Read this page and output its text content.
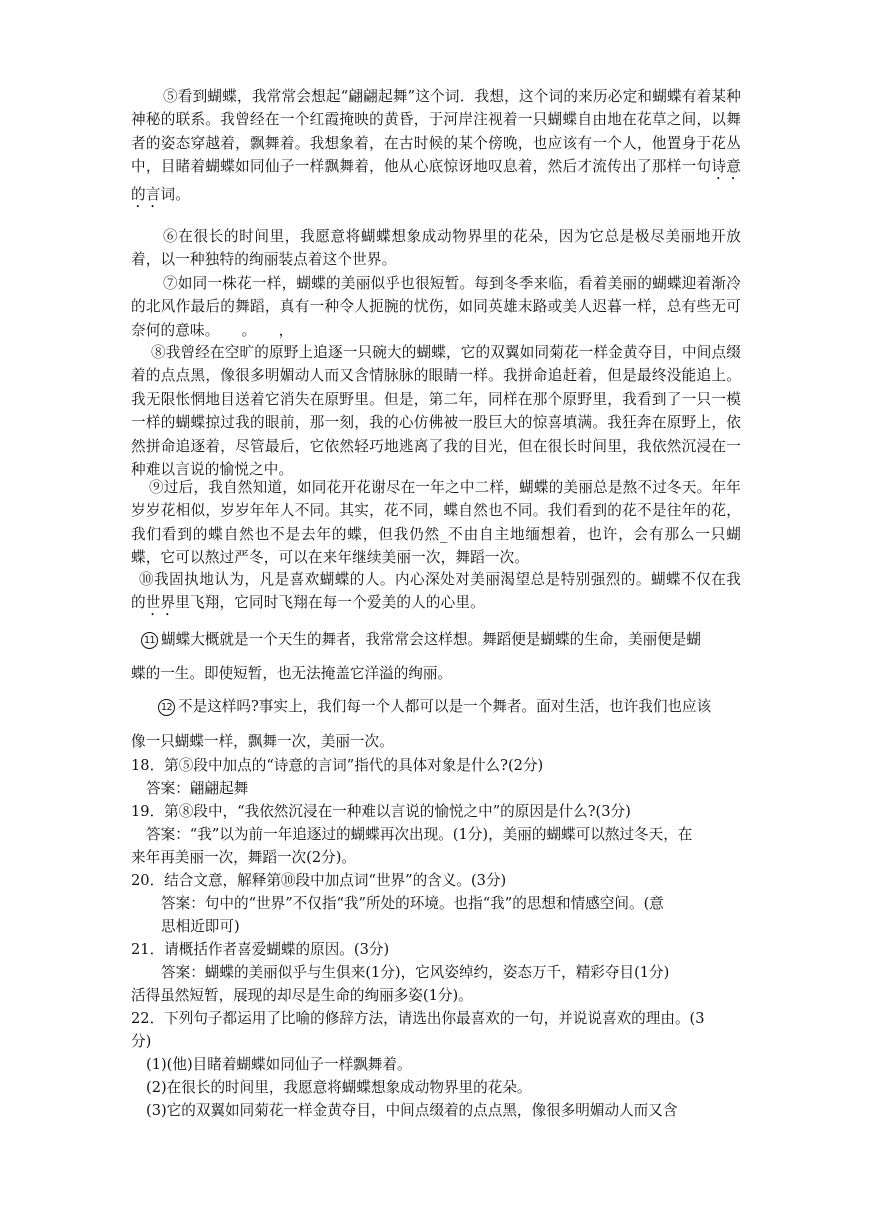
⑤看到蝴蝶，我常常会想起“翩翩起舞”这个词．我想，这个词的来历必定和蝴蝶有着某种神秘的联系。我曾经在一个红霞掩映的黄昏，于河岸注视着一只蝴蝶自由地在花草之间，以舞者的姿态穿越着，飘舞着。我想象着，在古时候的某个傍晚，也应该有一个人，他置身于花丛中，目睹着蝴蝶如同仙子一样飘舞着，他从心底惊讶地叹息着，然后才流传出了那样一句诗意的言词。

⑥在很长的时间里，我愿意将蝴蝶想象成动物界里的花朵，因为它总是极尽美丽地开放着，以一种独特的绚丽装点着这个世界。

⑦如同一株花一样，蝴蝶的美丽似乎也很短暂。每到冬季来临，看着美丽的蝴蝶迎着渐冷的北风作最后的舞蹈，真有一种令人扼腕的忧伤，如同英雄末路或美人迟暮一样，总有些无可奈何的意味。　　。　　，

⑧我曾经在空旷的原野上追逐一只碗大的蝴蝶，它的双翼如同菊花一样金黄夺目，中间点缀着的点点黑，像很多明媚动人而又含情脉脉的眼睛一样。我拼命追赶着，但是最终没能追上。我无限怅惘地目送着它消失在原野里。但是，第二年，同样在那个原野里，我看到了一只一模一样的蝴蝶掠过我的眼前，那一刻，我的心仿佛被一股巨大的惊喜填满。我狂奔在原野上，依然拼命追逐着，尽管最后，它依然轻巧地逃离了我的目光，但在很长时间里，我依然沉浸在一种难以言说的愉悦之中。

⑨过后，我自然知道，如同花开花谢尽在一年之中二样，蝴蝶的美丽总是熬不过冬天。年年岁岁花相似，岁岁年年人不同。其实，花不同，蝶自然也不同。我们看到的花不是往年的花，我们看到的蝶自然也不是去年的蝶，但我仍然_不由自主地缅想着，也许，会有那么一只蝴蝶，它可以熬过严冬，可以在来年继续美丽一次，舞蹈一次。

⑩我固执地认为，凡是喜欢蝴蝶的人。内心深处对美丽渴望总是特别强烈的。蝴蝶不仅在我的世界里飞翔，它同时飞翔在每一个爱美的人的心里。

11 蝴蝶大概就是一个天生的舞者，我常常会这样想。舞蹈便是蝴蝶的生命，美丽便是蝴
蝶的一生。即使短暂，也无法掩盖它洋溢的绚丽。
12 不是这样吗?事实上，我们每一个人都可以是一个舞者。面对生活，也许我们也应该
像一只蝴蝶一样，飘舞一次，美丽一次。
18．第⑤段中加点的“诗意的言词”指代的具体对象是什么?(2分)
答案：翩翩起舞
19．第⑧段中，“我依然沉浸在一种难以言说的愉悦之中”的原因是什么?(3分)
答案：“我”以为前一年追逐过的蝴蝶再次出现。(1分)，美丽的蝴蝶可以熬过冬天，在
来年再美丽一次，舞蹈一次(2分)。
20．结合文意，解释第⑩段中加点词“世界”的含义。(3分)
答案：句中的“世界”不仅指“我”所处的环境。也指“我”的思想和情感空间。(意
思相近即可)
21．请概括作者喜爱蝴蝶的原因。(3分)
答案：蝴蝶的美丽似乎与生俱来(1分)，它风姿绰约，姿态万千，精彩夺目(1分)
活得虽然短暂，展现的却尽是生命的绚丽多姿(1分)。
22．下列句子都运用了比喻的修辞方法，请选出你最喜欢的一句，并说说喜欢的理由。(3
分)
(1)(他)目睹着蝴蝶如同仙子一样飘舞着。
(2)在很长的时间里，我愿意将蝴蝶想象成动物界里的花朵。
(3)它的双翼如同菊花一样金黄夺目，中间点缀着的点点黑，像很多明媚动人而又含
